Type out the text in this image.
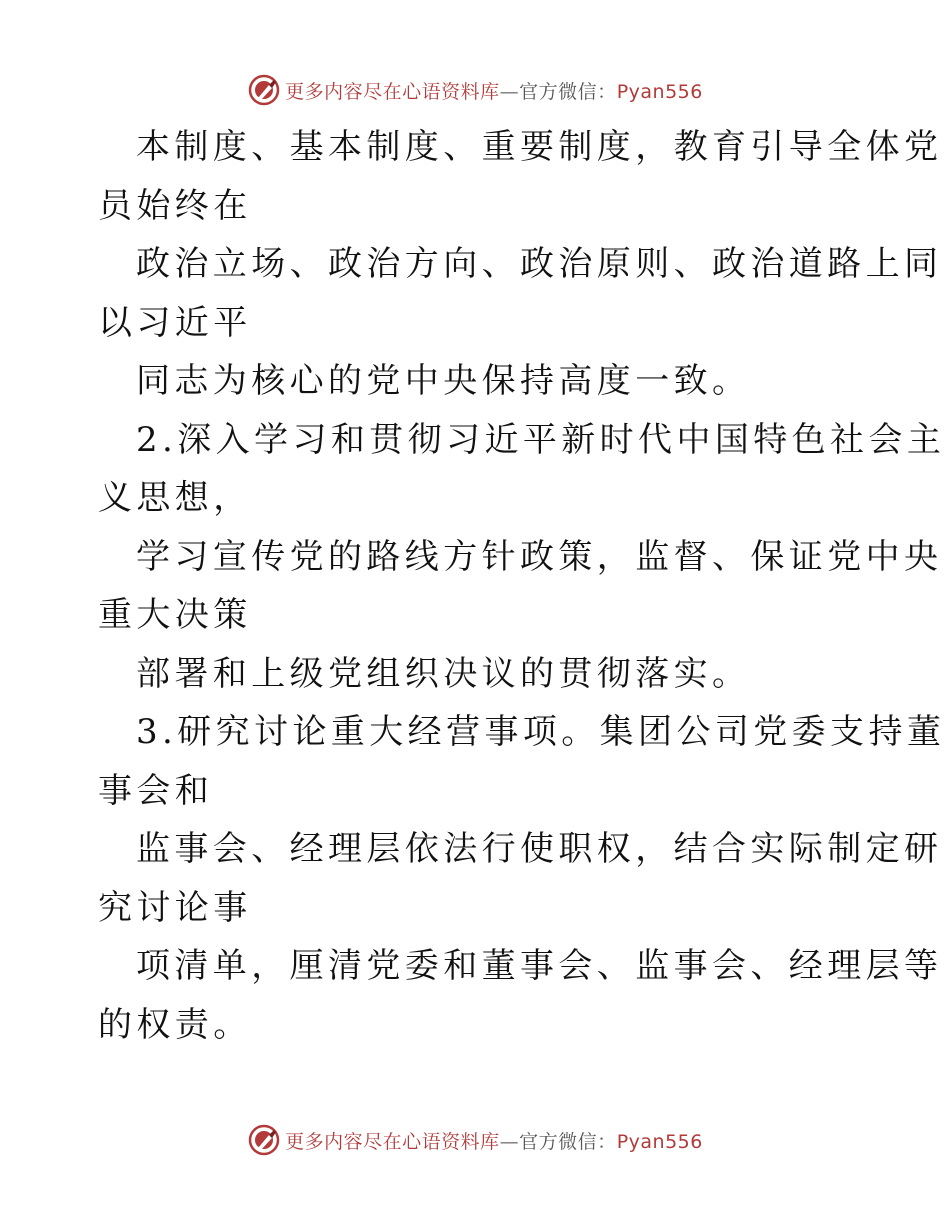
更多内容尽在心语资料库—官方微信：Pyan556
本制度、基本制度、重要制度，教育引导全体党
员始终在
政治立场、政治方向、政治原则、政治道路上同
以习近平
同志为核心的党中央保持高度一致。
2.深入学习和贯彻习近平新时代中国特色社会主
义思想，
学习宣传党的路线方针政策，监督、保证党中央
重大决策
部署和上级党组织决议的贯彻落实。
3.研究讨论重大经营事项。集团公司党委支持董
事会和
监事会、经理层依法行使职权，结合实际制定研
究讨论事
项清单，厘清党委和董事会、监事会、经理层等
的权责。
更多内容尽在心语资料库—官方微信：Pyan556
